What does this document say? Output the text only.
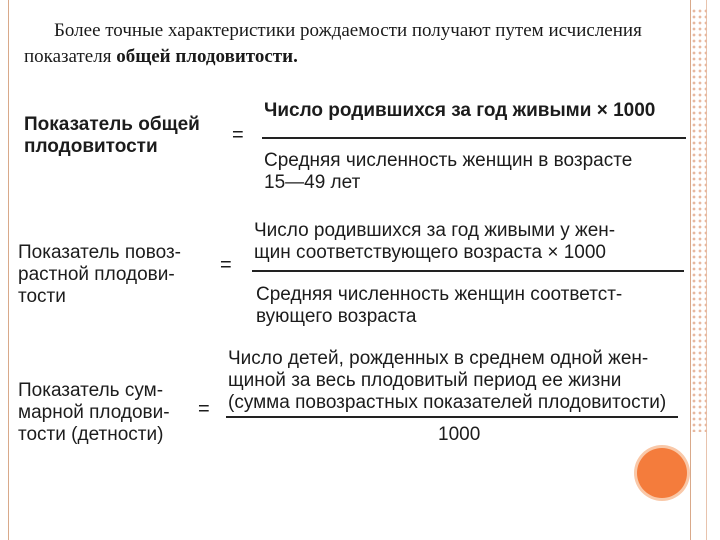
Более точные характеристики рождаемости получают путем исчисления показателя общей плодовитости.
Показатель общей
плодовитости
=
Число родившихся за год живыми × 1000
Средняя численность женщин в возрасте
15—49 лет
Показатель повоз-
растной плодови-
тости
=
Число родившихся за год живыми у жен-
щин соответствующего возраста × 1000
Средняя численность женщин соответст-
вующего возраста
Показатель сум-
марной плодови-
тости (детности)
=
Число детей, рожденных в среднем одной жен-
щиной за весь плодовитый период ее жизни
(сумма повозрастных показателей плодовитости)
1000
